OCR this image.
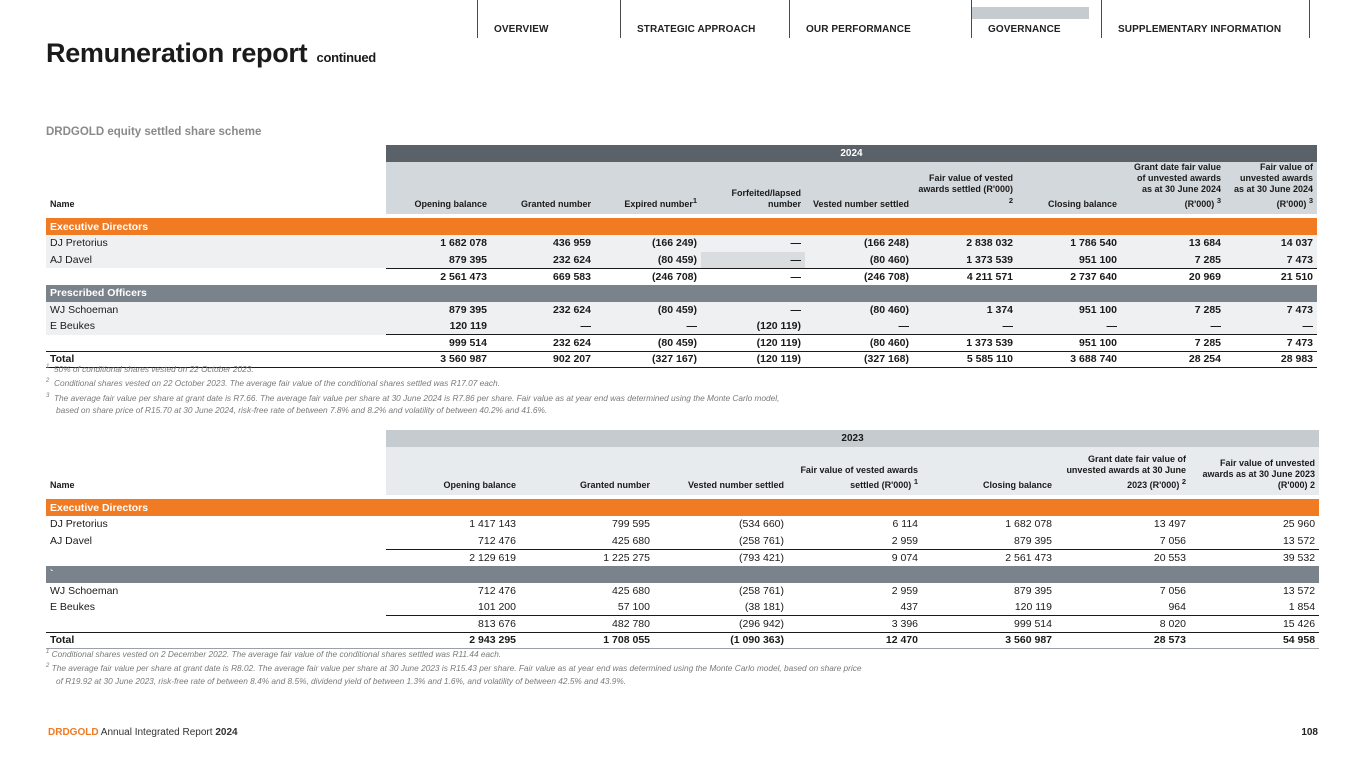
OVERVIEW	STRATEGIC APPROACH	OUR PERFORMANCE	GOVERNANCE	SUPPLEMENTARY INFORMATION
Remuneration report continued
DRDGOLD equity settled share scheme
	2024								
Name	Opening balance	Granted number	Expired number$^1$	Forfeited/lapsed number	Vested number settled	Fair value of vested awards settled (R'000) $^2$	Closing balance	Grant date fair value of unvested awards as at 30 June 2024 (R'000) $^3$	Fair value of unvested awards as at 30 June 2024 (R'000) $^3$

Executive Directors									
DJ Pretorius	1 682 078	436 959	(166 249)	—	(166 248)	2 838 032	1 786 540	13 684	14 037
AJ Davel	879 395	232 624	(80 459)	—	(80 460)	1 373 539	951 100	7 285	7 473
	2 561 473	669 583	(246 708)	—	(246 708)	4 211 571	2 737 640	20 969	21 510
Prescribed Officers									
WJ Schoeman	879 395	232 624	(80 459)	—	(80 460)	1 374	951 100	7 285	7 473
E Beukes	120 119	—	—	(120 119)	—	—	—	—	—
	999 514	232 624	(80 459)	(120 119)	(80 460)	1 373 539	951 100	7 285	7 473
Total	3 560 987	902 207	(327 167)	(120 119)	(327 168)	5 585 110	3 688 740	28 254	28 983
$^1$ 50% of conditional shares vested on 22 October 2023.
$^2$ Conditional shares vested on 22 October 2023. The average fair value of the conditional shares settled was R17.07 each.
$^3$ The average fair value per share at grant date is R7.66. The average fair value per share at 30 June 2024 is R7.86 per share. Fair value as at year end was determined using the Monte Carlo model,
based on share price of R15.70 at 30 June 2024, risk-free rate of between 7.8% and 8.2% and volatility of between 40.2% and 41.6%.
	2023						
Name	Opening balance	Granted number	Vested number settled	Fair value of vested awards settled (R'000) $^1$	Closing balance	Grant date fair value of unvested awards at 30 June 2023 (R'000) $^2$	Fair value of unvested awards as at 30 June 2023 (R'000) 2

Executive Directors							
DJ Pretorius	1 417 143	799 595	(534 660)	6 114	1 682 078	13 497	25 960
AJ Davel	712 476	425 680	(258 761)	2 959	879 395	7 056	13 572
	2 129 619	1 225 275	(793 421)	9 074	2 561 473	20 553	39 532
`							
WJ Schoeman	712 476	425 680	(258 761)	2 959	879 395	7 056	13 572
E Beukes	101 200	57 100	(38 181)	437	120 119	964	1 854
	813 676	482 780	(296 942)	3 396	999 514	8 020	15 426
Total	2 943 295	1 708 055	(1 090 363)	12 470	3 560 987	28 573	54 958
$^1$ Conditional shares vested on 2 December 2022. The average fair value of the conditional shares settled was R11.44 each.
$^2$ The average fair value per share at grant date is R8.02. The average fair value per share at 30 June 2023 is R15.43 per share. Fair value as at year end was determined using the Monte Carlo model, based on share price
of R19.92 at 30 June 2023, risk-free rate of between 8.4% and 8.5%, dividend yield of between 1.3% and 1.6%, and volatility of between 42.5% and 43.9%.
DRDGOLD Annual Integrated Report 2024	108
